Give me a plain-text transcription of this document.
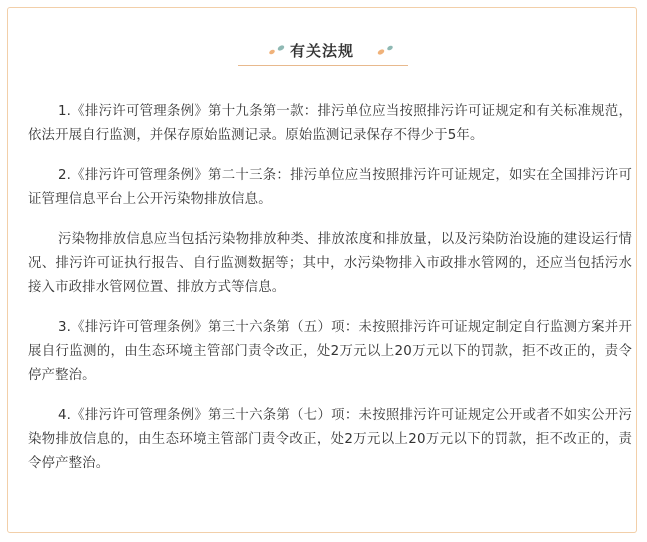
有关法规

1.《排污许可管理条例》第十九条第一款：排污单位应当按照排污许可证规定和有关标准规范，依法开展自行监测，并保存原始监测记录。原始监测记录保存不得少于5年。

2.《排污许可管理条例》第二十三条：排污单位应当按照排污许可证规定，如实在全国排污许可证管理信息平台上公开污染物排放信息。

污染物排放信息应当包括污染物排放种类、排放浓度和排放量，以及污染防治设施的建设运行情况、排污许可证执行报告、自行监测数据等；其中，水污染物排入市政排水管网的，还应当包括污水接入市政排水管网位置、排放方式等信息。

3.《排污许可管理条例》第三十六条第（五）项：未按照排污许可证规定制定自行监测方案并开展自行监测的，由生态环境主管部门责令改正，处2万元以上20万元以下的罚款，拒不改正的，责令停产整治。

4.《排污许可管理条例》第三十六条第（七）项：未按照排污许可证规定公开或者不如实公开污染物排放信息的，由生态环境主管部门责令改正，处2万元以上20万元以下的罚款，拒不改正的，责令停产整治。
